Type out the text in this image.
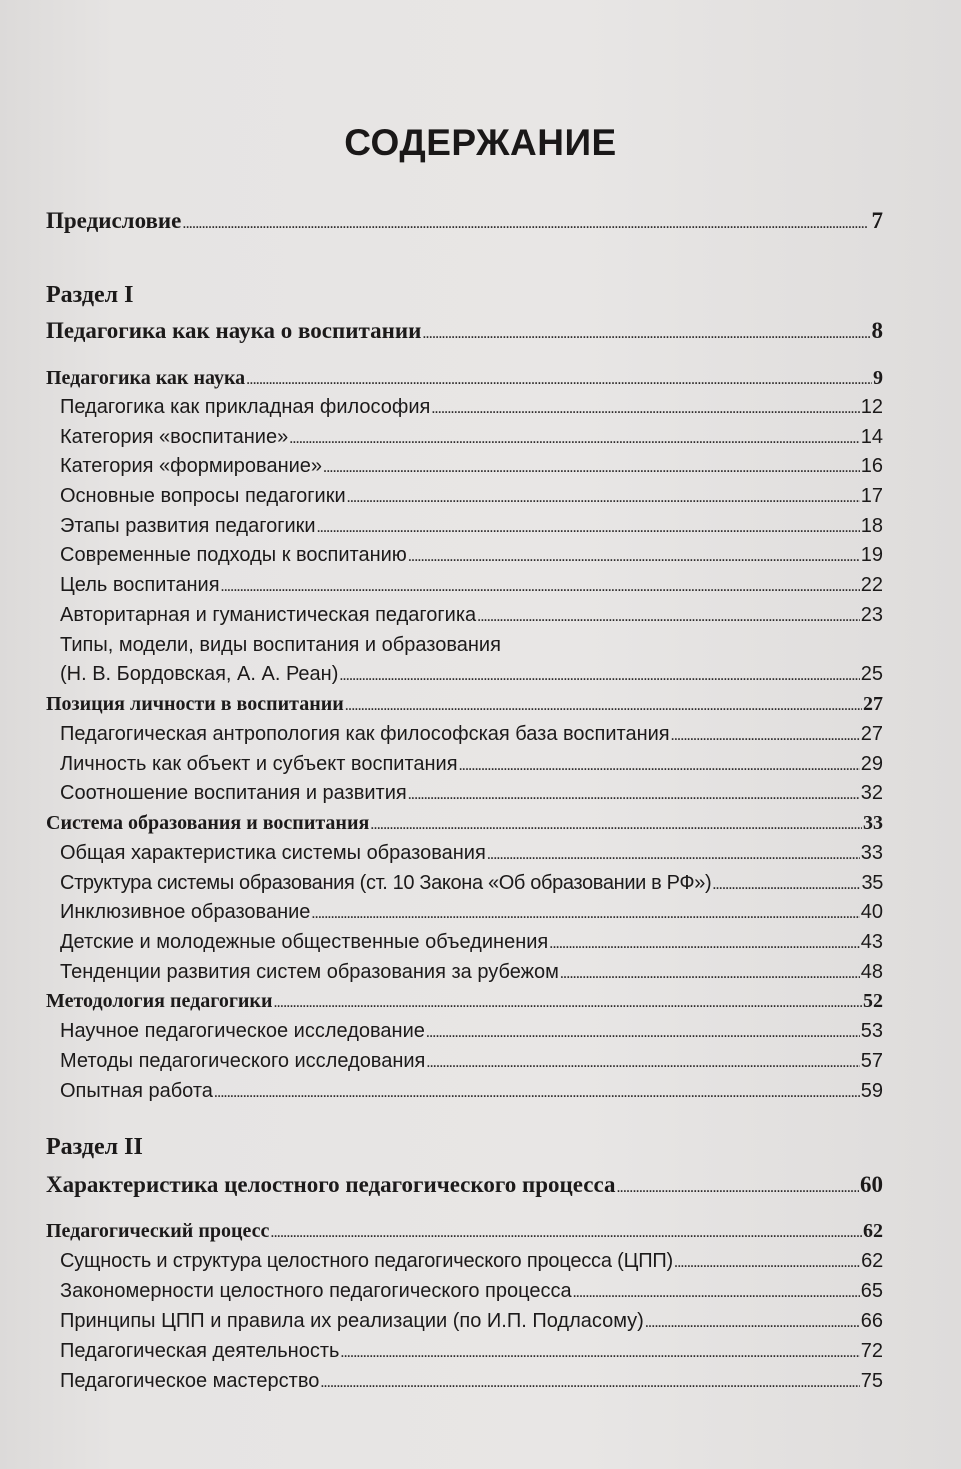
СОДЕРЖАНИЕ
Предисловие . . .	7
Раздел I
Педагогика как наука о воспитании . . .	8
Педагогика как наука . . .	9
Педагогика как прикладная философия . . .	12
Категория «воспитание» . . .	14
Категория «формирование» . . .	16
Основные вопросы педагогики . . .	17
Этапы развития педагогики . . .	18
Современные подходы к воспитанию . . .	19
Цель воспитания . . .	22
Авторитарная и гуманистическая педагогика . . .	23
Типы, модели, виды воспитания и образования
(Н. В. Бордовская, А. А. Реан) . . .	25
Позиция личности в воспитании . . .	27
Педагогическая антропология как философская база воспитания . . .	27
Личность как объект и субъект воспитания . . .	29
Соотношение воспитания и развития . . .	32
Система образования и воспитания . . .	33
Общая характеристика системы образования . . .	33
Структура системы образования (ст. 10 Закона «Об образовании в РФ») . . .	35
Инклюзивное образование . . .	40
Детские и молодежные общественные объединения . . .	43
Тенденции развития систем образования за рубежом . . .	48
Методология педагогики . . .	52
Научное педагогическое исследование . . .	53
Методы педагогического исследования . . .	57
Опытная работа . . .	59
Раздел II
Характеристика целостного педагогического процесса . . .	60
Педагогический процесс . . .	62
Сущность и структура целостного педагогического процесса (ЦПП) . . .	62
Закономерности целостного педагогического процесса . . .	65
Принципы ЦПП и правила их реализации (по И.П. Подласому) . . .	66
Педагогическая деятельность . . .	72
Педагогическое мастерство . . .	75
